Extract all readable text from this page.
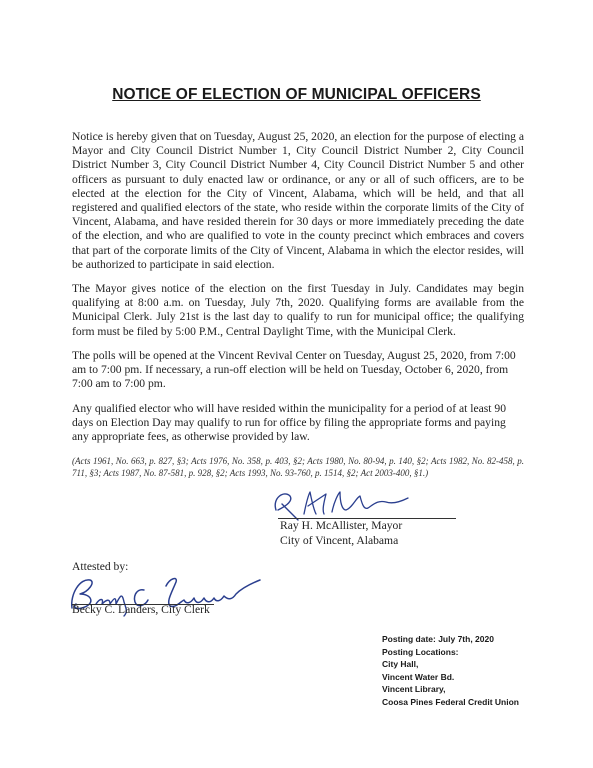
NOTICE OF ELECTION OF MUNICIPAL OFFICERS

Notice is hereby given that on Tuesday, August 25, 2020, an election for the purpose of electing a Mayor and City Council District Number 1, City Council District Number 2, City Council District Number 3, City Council District Number 4, City Council District Number 5 and other officers as pursuant to duly enacted law or ordinance, or any or all of such officers, are to be elected at the election for the City of Vincent, Alabama, which will be held, and that all registered and qualified electors of the state, who reside within the corporate limits of the City of Vincent, Alabama, and have resided therein for 30 days or more immediately preceding the date of the election, and who are qualified to vote in the county precinct which embraces and covers that part of the corporate limits of the City of Vincent, Alabama in which the elector resides, will be authorized to participate in said election.

The Mayor gives notice of the election on the first Tuesday in July. Candidates may begin qualifying at 8:00 a.m. on Tuesday, July 7th, 2020. Qualifying forms are available from the Municipal Clerk. July 21st is the last day to qualify to run for municipal office; the qualifying form must be filed by 5:00 P.M., Central Daylight Time, with the Municipal Clerk.

The polls will be opened at the Vincent Revival Center on Tuesday, August 25, 2020, from 7:00 am to 7:00 pm. If necessary, a run-off election will be held on Tuesday, October 6, 2020, from 7:00 am to 7:00 pm.

Any qualified elector who will have resided within the municipality for a period of at least 90 days on Election Day may qualify to run for office by filing the appropriate forms and paying any appropriate fees, as otherwise provided by law.

(Acts 1961, No. 663, p. 827, §3; Acts 1976, No. 358, p. 403, §2; Acts 1980, No. 80-94, p. 140, §2; Acts 1982, No. 82-458, p. 711, §3; Acts 1987, No. 87-581, p. 928, §2; Acts 1993, No. 93-760, p. 1514, §2; Act 2003-400, §1.)

Ray H. McAllister, Mayor
City of Vincent, Alabama
Attested by:
Becky C. Landers, City Clerk
Posting date: July 7th, 2020
Posting Locations:
City Hall,
Vincent Water Bd.
Vincent Library,
Coosa Pines Federal Credit Union
